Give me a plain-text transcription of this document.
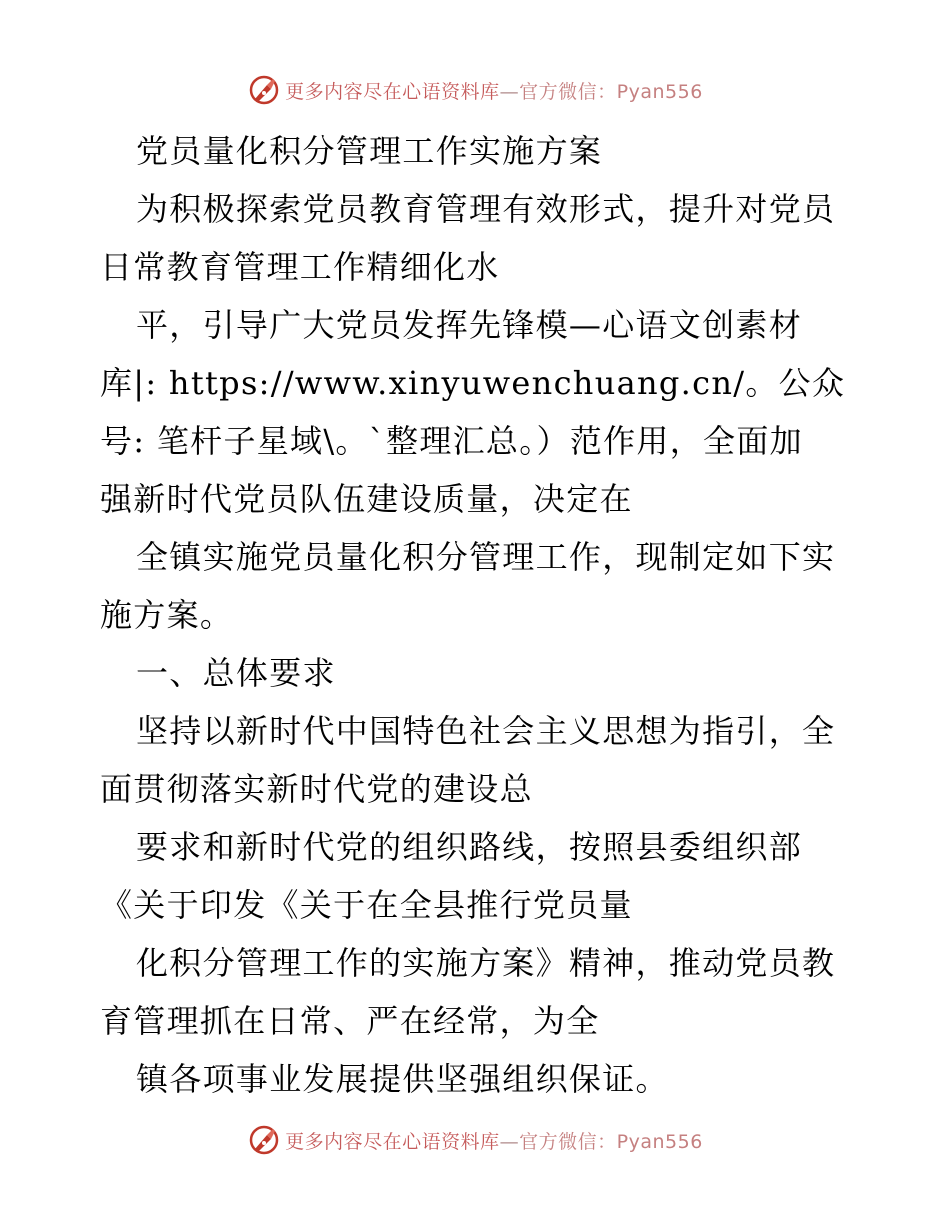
更多内容尽在心语资料库—官方微信：Pyan556
党员量化积分管理工作实施方案
为积极探索党员教育管理有效形式，提升对党员
日常教育管理工作精细化水
平，引导广大党员发挥先锋模—心语文创素材
库|: https://www.xinyuwenchuang.cn/。公众
号: 笔杆子星域\。`整理汇总。）范作用，全面加
强新时代党员队伍建设质量，决定在
全镇实施党员量化积分管理工作，现制定如下实
施方案。
一、总体要求
坚持以新时代中国特色社会主义思想为指引，全
面贯彻落实新时代党的建设总
要求和新时代党的组织路线，按照县委组织部
《关于印发《关于在全县推行党员量
化积分管理工作的实施方案》精神，推动党员教
育管理抓在日常、严在经常，为全
镇各项事业发展提供坚强组织保证。
更多内容尽在心语资料库—官方微信：Pyan556
